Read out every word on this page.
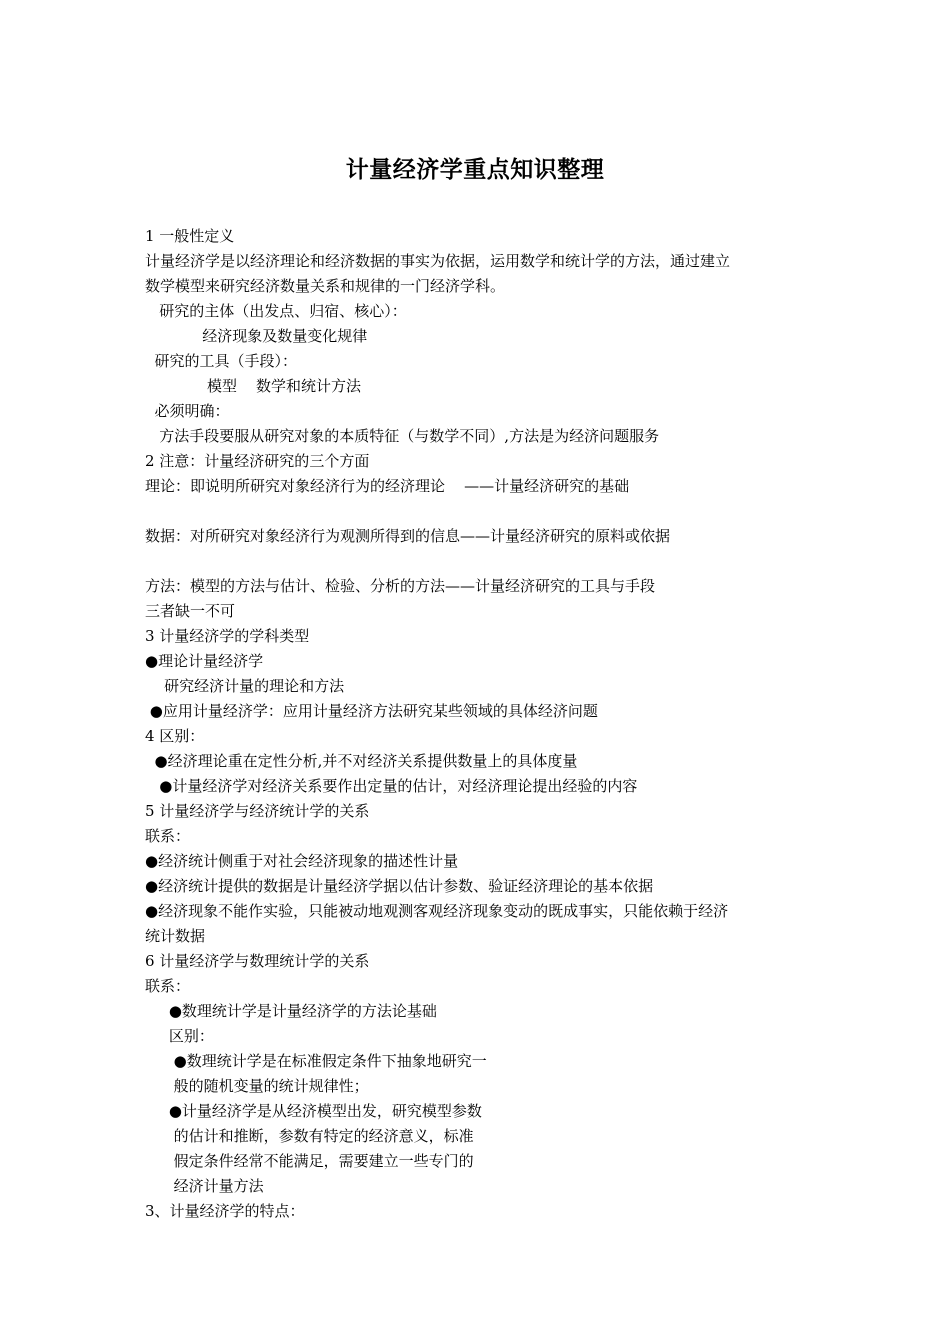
计量经济学重点知识整理
1 一般性定义
计量经济学是以经济理论和经济数据的事实为依据，运用数学和统计学的方法，通过建立
数学模型来研究经济数量关系和规律的一门经济学科。
研究的主体（出发点、归宿、核心）：
经济现象及数量变化规律
研究的工具（手段）：
模型    数学和统计方法
必须明确：
方法手段要服从研究对象的本质特征（与数学不同）,方法是为经济问题服务
2 注意：计量经济研究的三个方面
理论：即说明所研究对象经济行为的经济理论    ——计量经济研究的基础
数据：对所研究对象经济行为观测所得到的信息——计量经济研究的原料或依据
方法：模型的方法与估计、检验、分析的方法——计量经济研究的工具与手段
三者缺一不可
3 计量经济学的学科类型
●理论计量经济学
研究经济计量的理论和方法
●应用计量经济学：应用计量经济方法研究某些领域的具体经济问题
4 区别：
●经济理论重在定性分析,并不对经济关系提供数量上的具体度量
●计量经济学对经济关系要作出定量的估计，对经济理论提出经验的内容
5 计量经济学与经济统计学的关系
联系：
●经济统计侧重于对社会经济现象的描述性计量
●经济统计提供的数据是计量经济学据以估计参数、验证经济理论的基本依据
●经济现象不能作实验，只能被动地观测客观经济现象变动的既成事实，只能依赖于经济
统计数据
6 计量经济学与数理统计学的关系
联系：
●数理统计学是计量经济学的方法论基础
区别：
●数理统计学是在标准假定条件下抽象地研究一
般的随机变量的统计规律性；
●计量经济学是从经济模型出发，研究模型参数
的估计和推断，参数有特定的经济意义，标准
假定条件经常不能满足，需要建立一些专门的
经济计量方法
3、计量经济学的特点：
